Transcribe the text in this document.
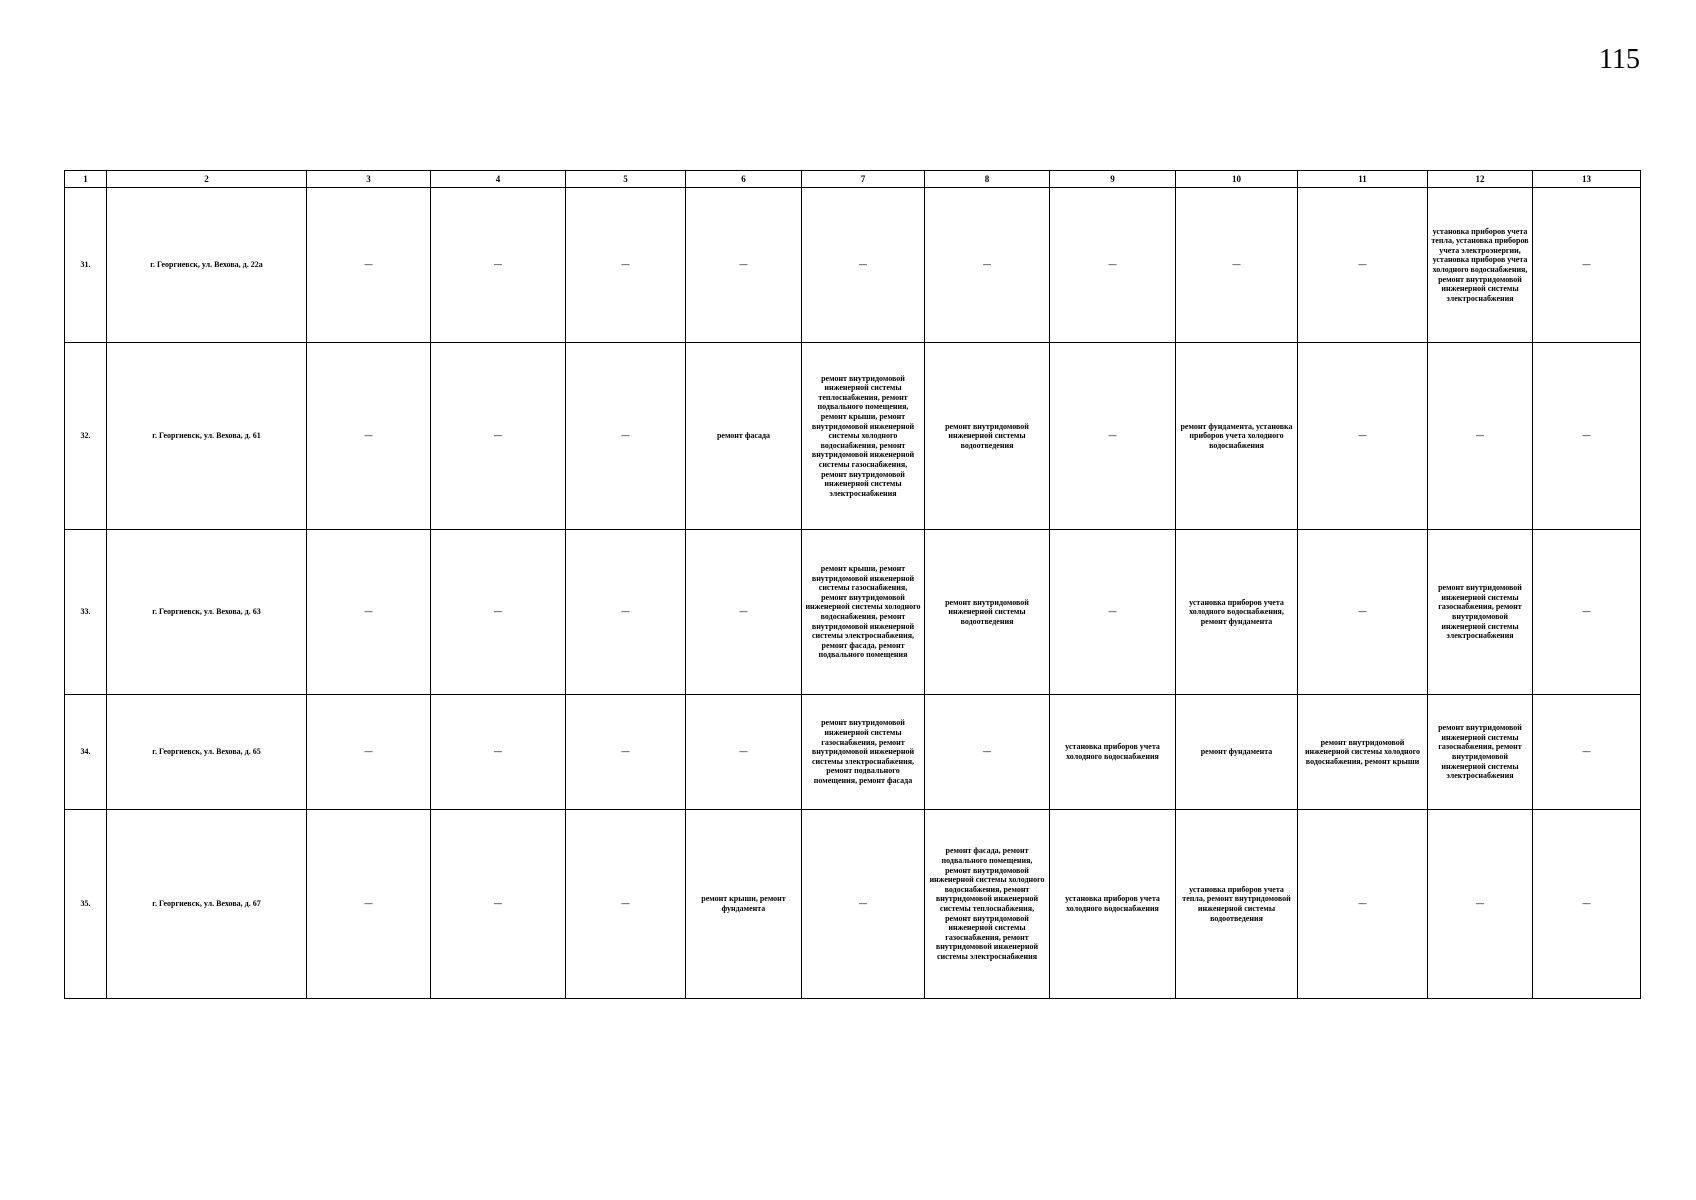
115
1	2	3	4	5	6	7	8	9	10	11	12	13
31.	г. Георгиевск, ул. Вехова, д. 22а	—	—	—	—	—	—	—	—	—	установка приборов учета тепла, установка приборов учета электроэнергии, установка приборов учета холодного водоснабжения, ремонт внутридомовой инженерной системы электроснабжения	—
32.	г. Георгиевск, ул. Вехова, д. 61	—	—	—	ремонт фасада	ремонт внутридомовой инженерной системы теплоснабжения, ремонт подвального помещения, ремонт крыши, ремонт внутридомовой инженерной системы холодного водоснабжения, ремонт внутридомовой инженерной системы газоснабжения, ремонт внутридомовой инженерной системы электроснабжения	ремонт внутридомовой инженерной системы водоотведения	—	ремонт фундамента, установка приборов учета холодного водоснабжения	—	—	—
33.	г. Георгиевск, ул. Вехова, д. 63	—	—	—	—	ремонт крыши, ремонт внутридомовой инженерной системы газоснабжения, ремонт внутридомовой инженерной системы холодного водоснабжения, ремонт внутридомовой инженерной системы электроснабжения, ремонт фасада, ремонт подвального помещения	ремонт внутридомовой инженерной системы водоотведения	—	установка приборов учета холодного водоснабжения, ремонт фундамента	—	ремонт внутридомовой инженерной системы газоснабжения, ремонт внутридомовой инженерной системы электроснабжения	—
34.	г. Георгиевск, ул. Вехова, д. 65	—	—	—	—	ремонт внутридомовой инженерной системы газоснабжения, ремонт внутридомовой инженерной системы электроснабжения, ремонт подвального помещения, ремонт фасада	—	установка приборов учета холодного водоснабжения	ремонт фундамента	ремонт внутридомовой инженерной системы холодного водоснабжения, ремонт крыши	ремонт внутридомовой инженерной системы газоснабжения, ремонт внутридомовой инженерной системы электроснабжения	—
35.	г. Георгиевск, ул. Вехова, д. 67	—	—	—	ремонт крыши, ремонт фундамента	—	ремонт фасада, ремонт подвального помещения, ремонт внутридомовой инженерной системы холодного водоснабжения, ремонт внутридомовой инженерной системы теплоснабжения, ремонт внутридомовой инженерной системы газоснабжения, ремонт внутридомовой инженерной системы электроснабжения	установка приборов учета холодного водоснабжения	установка приборов учета тепла, ремонт внутридомовой инженерной системы водоотведения	—	—	—
